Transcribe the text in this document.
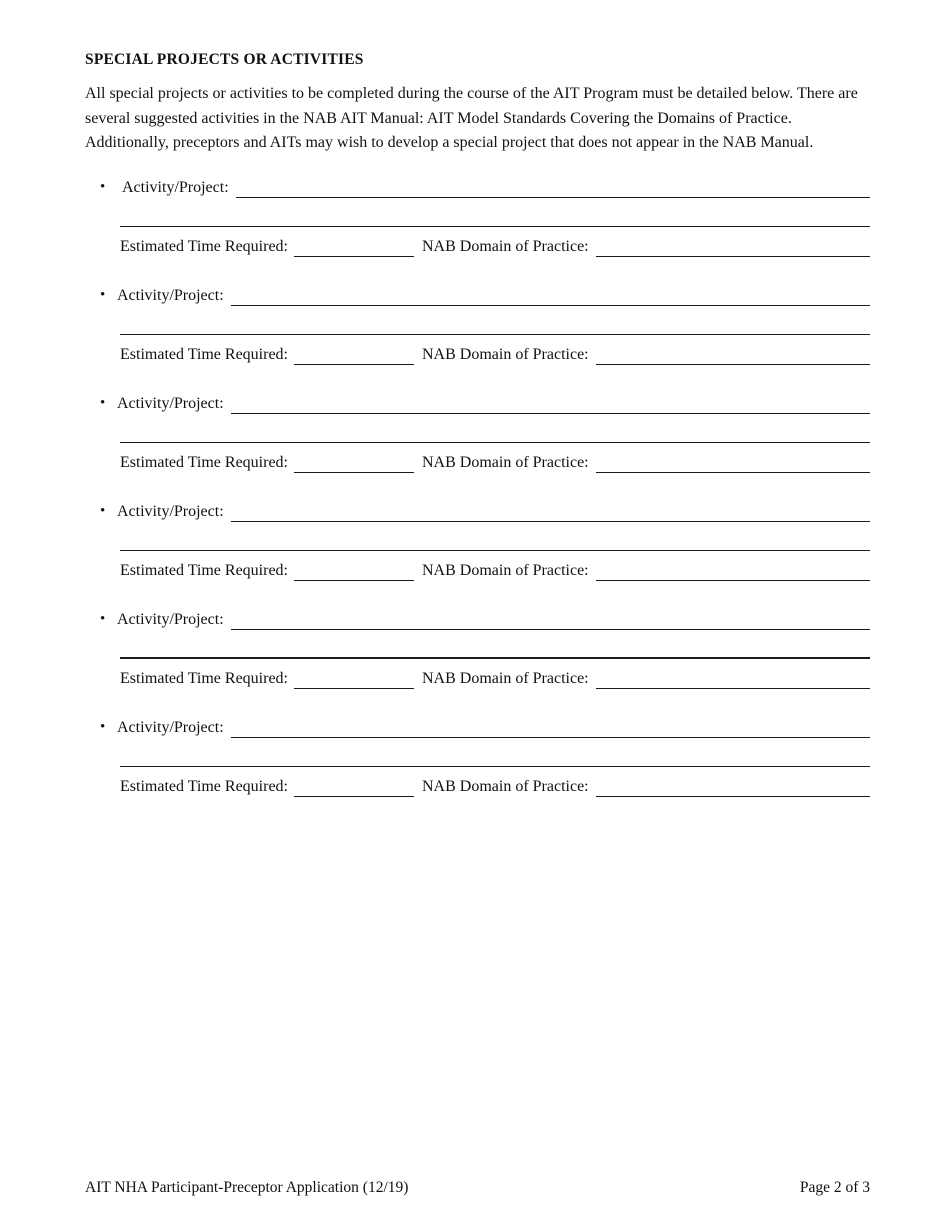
SPECIAL PROJECTS OR ACTIVITIES
All special projects or activities to be completed during the course of the AIT Program must be detailed below. There are several suggested activities in the NAB AIT Manual: AIT Model Standards Covering the Domains of Practice. Additionally, preceptors and AITs may wish to develop a special project that does not appear in the NAB Manual.
•	Activity/Project:
Estimated Time Required:	NAB Domain of Practice:
• Activity/Project:
Estimated Time Required:	NAB Domain of Practice:
• Activity/Project:
Estimated Time Required:	NAB Domain of Practice:
• Activity/Project:
Estimated Time Required:	NAB Domain of Practice:
• Activity/Project:
Estimated Time Required:	NAB Domain of Practice:
• Activity/Project:
Estimated Time Required:	NAB Domain of Practice:
AIT NHA Participant-Preceptor Application (12/19)	Page 2 of 3
